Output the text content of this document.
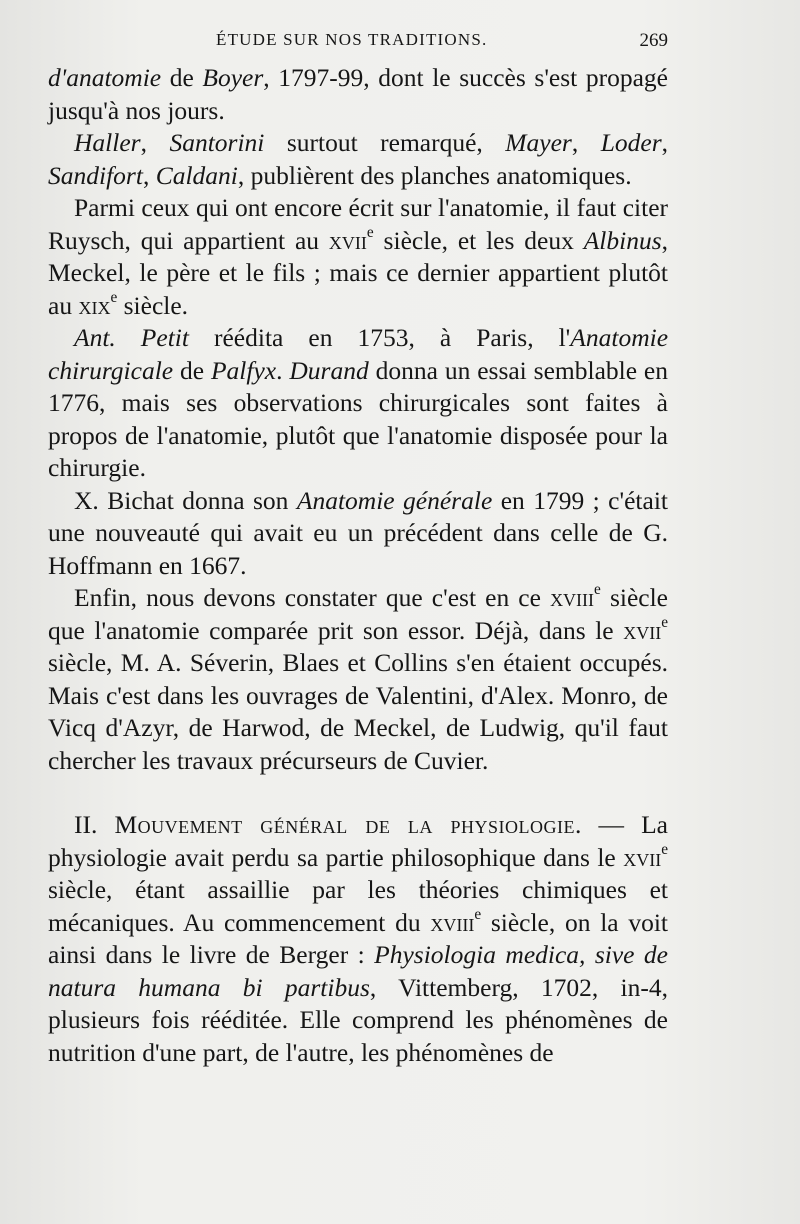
ÉTUDE SUR NOS TRADITIONS.	269

d'anatomie de Boyer, 1797-99, dont le succès s'est propagé jusqu'à nos jours.

Haller, Santorini surtout remarqué, Mayer, Loder, Sandifort, Caldani, publièrent des planches anatomiques.

Parmi ceux qui ont encore écrit sur l'anatomie, il faut citer Ruysch, qui appartient au xvii$^e$ siècle, et les deux Albinus, Meckel, le père et le fils ; mais ce dernier appartient plutôt au xix$^e$ siècle.

Ant. Petit réédita en 1753, à Paris, l'Anatomie chirurgicale de Palfyx. Durand donna un essai semblable en 1776, mais ses observations chirurgicales sont faites à propos de l'anatomie, plutôt que l'anatomie disposée pour la chirurgie.

X. Bichat donna son Anatomie générale en 1799 ; c'était une nouveauté qui avait eu un précédent dans celle de G. Hoffmann en 1667.

Enfin, nous devons constater que c'est en ce xviii$^e$ siècle que l'anatomie comparée prit son essor. Déjà, dans le xvii$^e$ siècle, M. A. Séverin, Blaes et Collins s'en étaient occupés. Mais c'est dans les ouvrages de Valentini, d'Alex. Monro, de Vicq d'Azyr, de Harwod, de Meckel, de Ludwig, qu'il faut chercher les travaux précurseurs de Cuvier.

II. Mouvement général de la physiologie. — La physiologie avait perdu sa partie philosophique dans le xvii$^e$ siècle, étant assaillie par les théories chimiques et mécaniques. Au commencement du xviii$^e$ siècle, on la voit ainsi dans le livre de Berger : Physiologia medica, sive de natura humana bi partibus, Vittemberg, 1702, in-4, plusieurs fois rééditée. Elle comprend les phénomènes de nutrition d'une part, de l'autre, les phénomènes de
